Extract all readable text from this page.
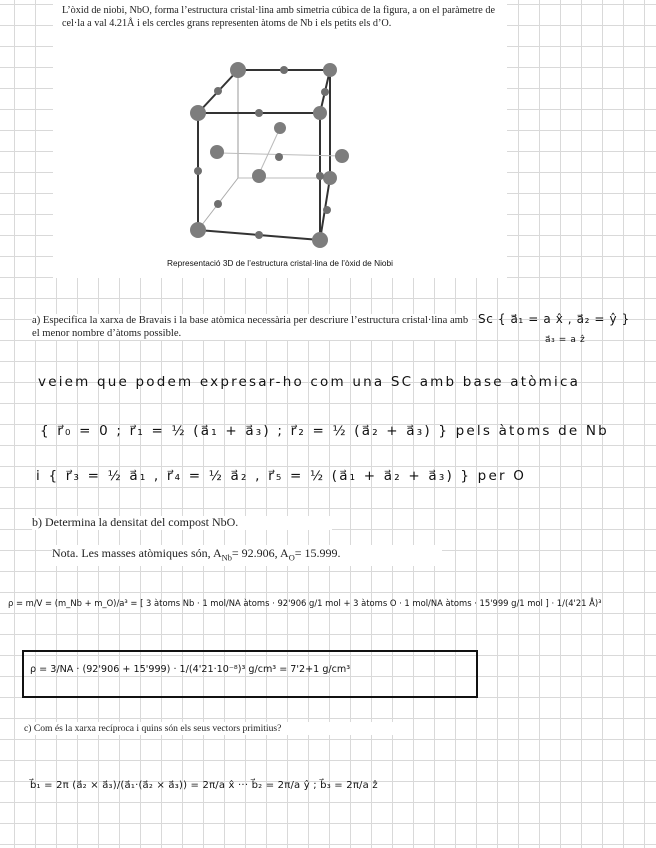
L’òxid de niobi, NbO, forma l’estructura cristal·lina amb simetria cúbica de la figura, a on el paràmetre de cel·la a val 4.21Å i els cercles grans representen àtoms de Nb i els petits els d’O.

Representació 3D de l’estructura cristal·lina de l’òxid de Niobi
a) Especifica la xarxa de Bravais i la base atòmica necessària per descriure l’estructura cristal·lina amb el menor nombre d’àtoms possible.
Sc { a⃗₁ = a x̂ , a⃗₂ = ŷ }
a⃗₃ = a ẑ
veiem que podem expresar-ho com una SC amb base atòmica
{ r⃗₀ = 0 ; r⃗₁ = ½ (a⃗₁ + a⃗₃) ; r⃗₂ = ½ (a⃗₂ + a⃗₃) } pels àtoms de Nb
i { r⃗₃ = ½ a⃗₁ , r⃗₄ = ½ a⃗₂ , r⃗₅ = ½ (a⃗₁ + a⃗₂ + a⃗₃) } per O
b) Determina la densitat del compost NbO.
Nota. Les masses atòmiques són, $A_{Nb}= 92.906$, $A_O= 15.999$.
ρ = m/V = (m_Nb + m_O)/a³ = [ 3 àtoms Nb · 1 mol/NA àtoms · 92'906 g/1 mol + 3 àtoms O · 1 mol/NA àtoms · 15'999 g/1 mol ] · 1/(4'21 Å)³
ρ = 3/NA · (92'906 + 15'999) · 1/(4'21·10⁻⁸)³ g/cm³ = 7'2+1 g/cm³
c) Com és la xarxa recíproca i quins són els seus vectors primitius?
b⃗₁ = 2π (a⃗₂ × a⃗₃)/(a⃗₁·(a⃗₂ × a⃗₃)) = 2π/a x̂ ··· b⃗₂ = 2π/a ŷ ; b⃗₃ = 2π/a ẑ
